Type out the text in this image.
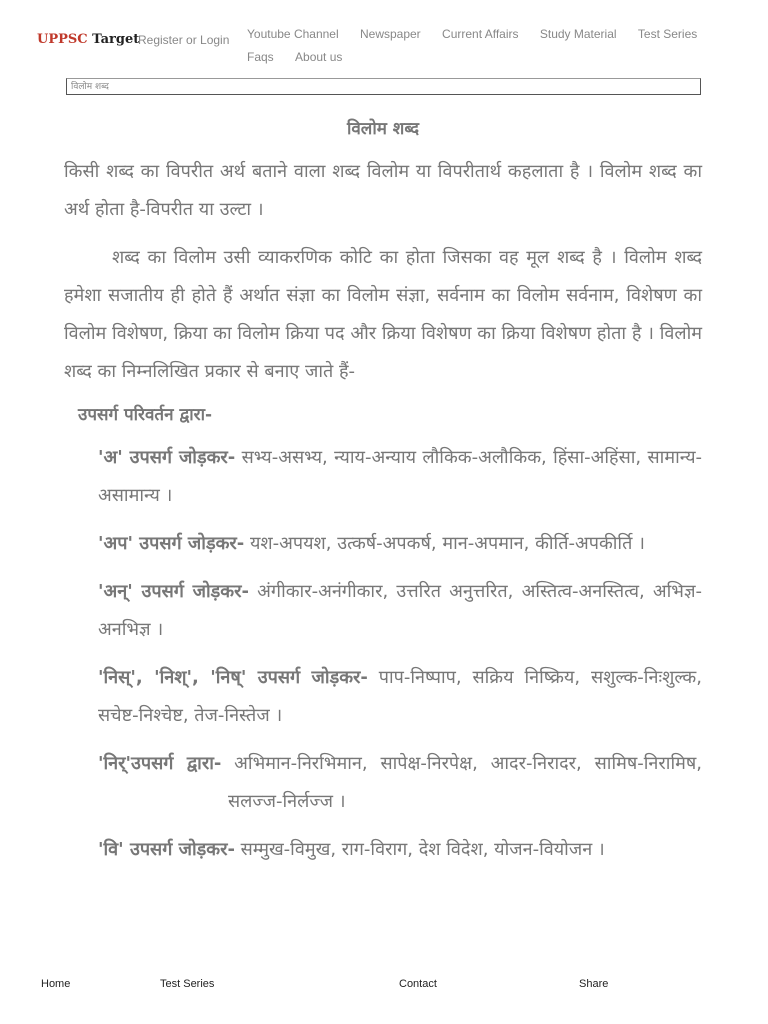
UPPSC Target
Register or Login Youtube Channel Newspaper Current Affairs Study Material Test Series Faqs About us
विलोम शब्द
विलोम शब्द

किसी शब्द का विपरीत अर्थ बताने वाला शब्द विलोम या विपरीतार्थ कहलाता है । विलोम शब्द का अर्थ होता है-विपरीत या उल्टा ।

शब्द का विलोम उसी व्याकरणिक कोटि का होता जिसका वह मूल शब्द है । विलोम शब्द हमेशा सजातीय ही होते हैं अर्थात संज्ञा का विलोम संज्ञा, सर्वनाम का विलोम सर्वनाम, विशेषण का विलोम विशेषण, क्रिया का विलोम क्रिया पद और क्रिया विशेषण का क्रिया विशेषण होता है । विलोम शब्द का निम्नलिखित प्रकार से बनाए जाते हैं-

उपसर्ग परिवर्तन द्वारा-

'अ' उपसर्ग जोड़कर- सभ्य-असभ्य, न्याय-अन्याय लौकिक-अलौकिक, हिंसा-अहिंसा, सामान्य-असामान्य ।

'अप' उपसर्ग जोड़कर- यश-अपयश, उत्कर्ष-अपकर्ष, मान-अपमान, कीर्ति-अपकीर्ति ।

'अन्' उपसर्ग जोड़कर- अंगीकार-अनंगीकार, उत्तरित अनुत्तरित, अस्तित्व-अनस्तित्व, अभिज्ञ-अनभिज्ञ ।

'निस्', 'निश्', 'निष्' उपसर्ग जोड़कर- पाप-निष्पाप, सक्रिय निष्क्रिय, सशुल्क-निःशुल्क, सचेष्ट-निश्चेष्ट, तेज-निस्तेज ।

'निर्'उपसर्ग द्वारा- अभिमान-निरभिमान, सापेक्ष-निरपेक्ष, आदर-निरादर, सामिष-निरामिष,सलज्ज-निर्लज्ज ।

'वि' उपसर्ग जोड़कर- सम्मुख-विमुख, राग-विराग, देश विदेश, योजन-वियोजन ।

Home	Test Series	Contact	Share
